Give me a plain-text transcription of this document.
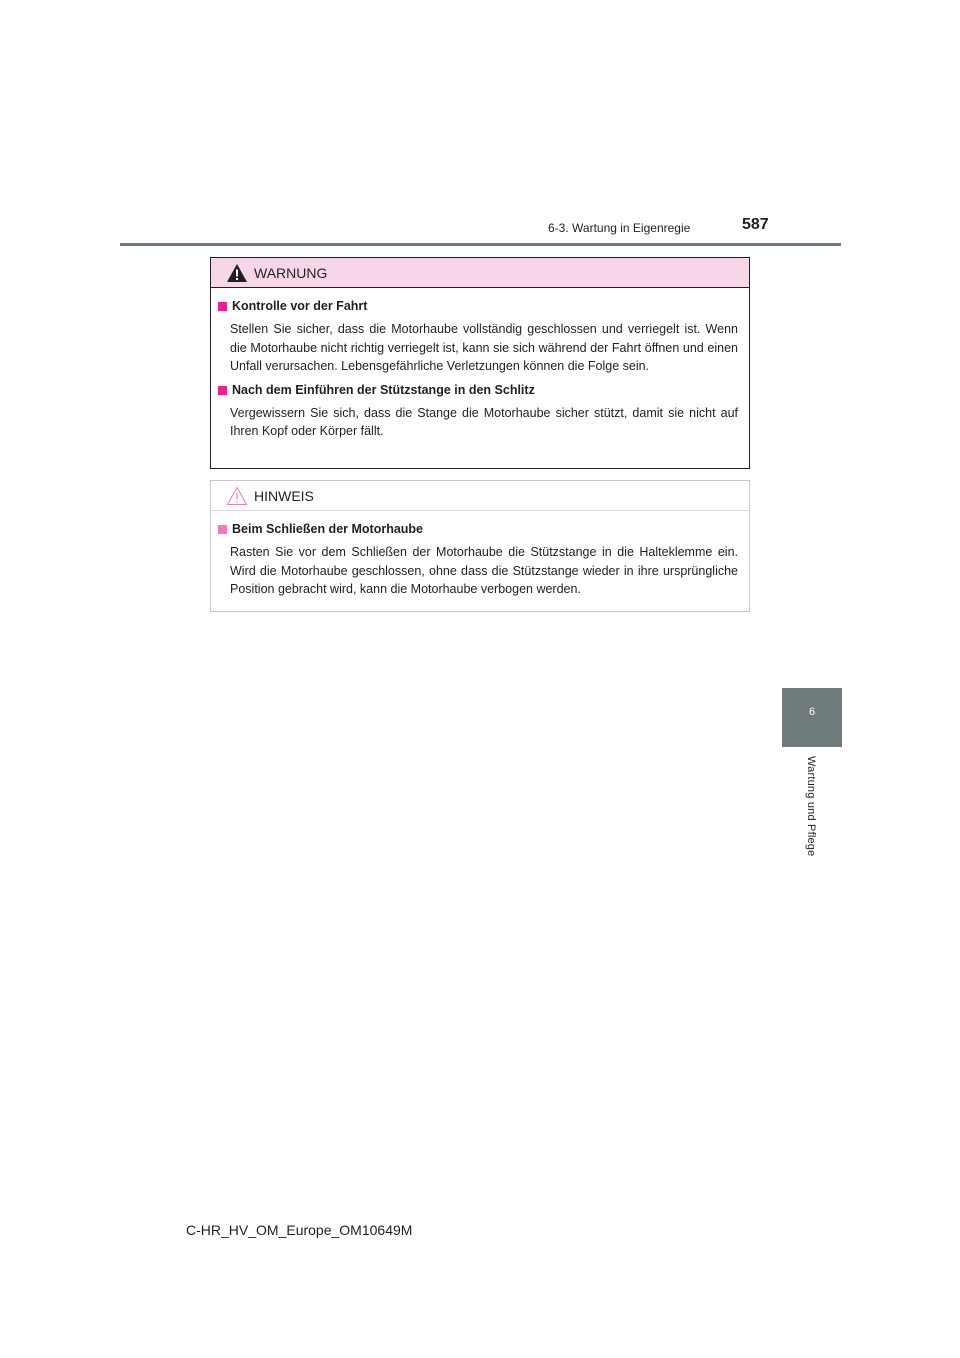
6-3. Wartung in Eigenregie	587
6
Wartung und Pflege
WARNUNG
Kontrolle vor der Fahrt

Stellen Sie sicher, dass die Motorhaube vollständig geschlossen und verriegelt ist. Wenn die Motorhaube nicht richtig verriegelt ist, kann sie sich während der Fahrt öffnen und einen Unfall verursachen. Lebensgefährliche Verletzungen können die Folge sein.

Nach dem Einführen der Stützstange in den Schlitz

Vergewissern Sie sich, dass die Stange die Motorhaube sicher stützt, damit sie nicht auf Ihren Kopf oder Körper fällt.

HINWEIS
Beim Schließen der Motorhaube

Rasten Sie vor dem Schließen der Motorhaube die Stützstange in die Halteklemme ein. Wird die Motorhaube geschlossen, ohne dass die Stützstange wieder in ihre ursprüngliche Position gebracht wird, kann die Motorhaube verbogen werden.

C-HR_HV_OM_Europe_OM10649M
